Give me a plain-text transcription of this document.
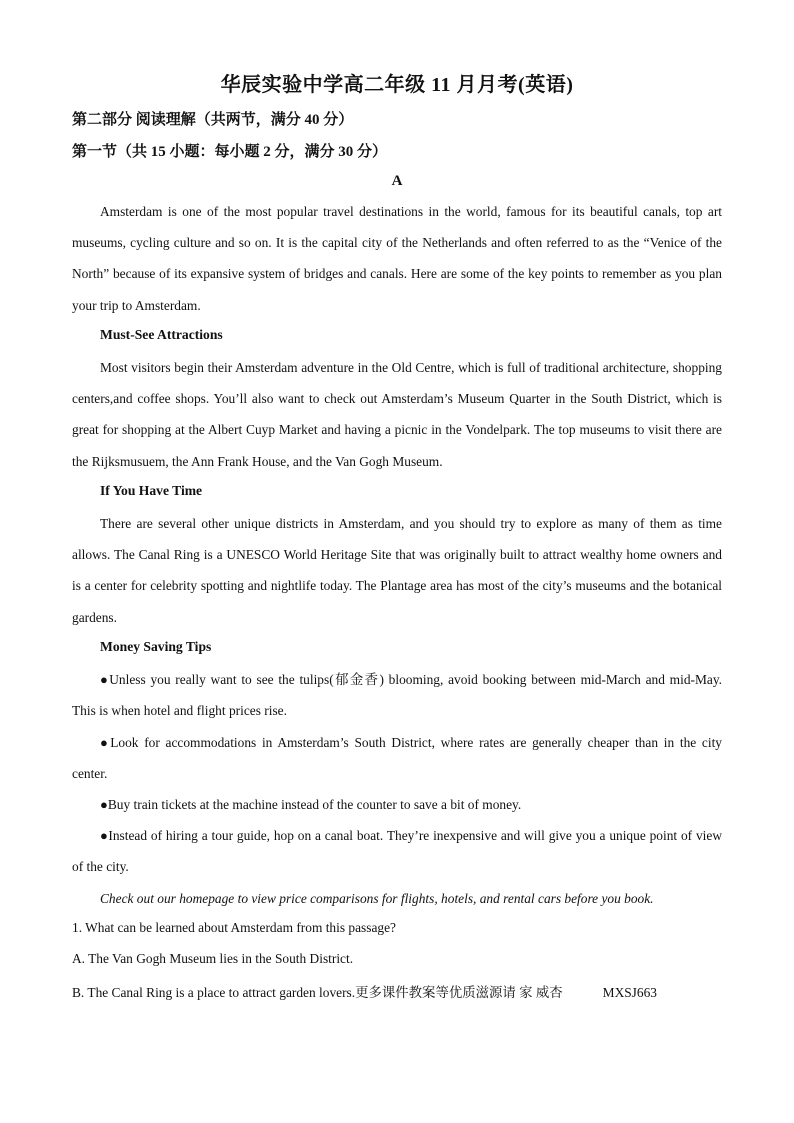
华辰实验中学高二年级 11 月月考(英语)
第二部分 阅读理解（共两节，满分 40 分）
第一节（共 15 小题：每小题 2 分，满分 30 分）
A

Amsterdam is one of the most popular travel destinations in the world, famous for its beautiful canals, top art museums, cycling culture and so on. It is the capital city of the Netherlands and often referred to as the “Venice of the North” because of its expansive system of bridges and canals. Here are some of the key points to remember as you plan your trip to Amsterdam.

Must-See Attractions

Most visitors begin their Amsterdam adventure in the Old Centre, which is full of traditional architecture, shopping centers,and coffee shops. You’ll also want to check out Amsterdam’s Museum Quarter in the South District, which is great for shopping at the Albert Cuyp Market and having a picnic in the Vondelpark. The top museums to visit there are the Rijksmusuem, the Ann Frank House, and the Van Gogh Museum.

If You Have Time

There are several other unique districts in Amsterdam, and you should try to explore as many of them as time allows. The Canal Ring is a UNESCO World Heritage Site that was originally built to attract wealthy home owners and is a center for celebrity spotting and nightlife today. The Plantage area has most of the city’s museums and the botanical gardens.

Money Saving Tips

●Unless you really want to see the tulips(郁金香) blooming, avoid booking between mid-March and mid-May. This is when hotel and flight prices rise.

●Look for accommodations in Amsterdam’s South District, where rates are generally cheaper than in the city center.

●Buy train tickets at the machine instead of the counter to save a bit of money.

●Instead of hiring a tour guide, hop on a canal boat. They’re inexpensive and will give you a unique point of view of the city.

Check out our homepage to view price comparisons for flights, hotels, and rental cars before you book.

1. What can be learned about Amsterdam from this passage?
A. The Van Gogh Museum lies in the South District.
B. The Canal Ring is a place to attract garden lovers.更多课件教案等优质滋源请 家 威杏	MXSJ663
